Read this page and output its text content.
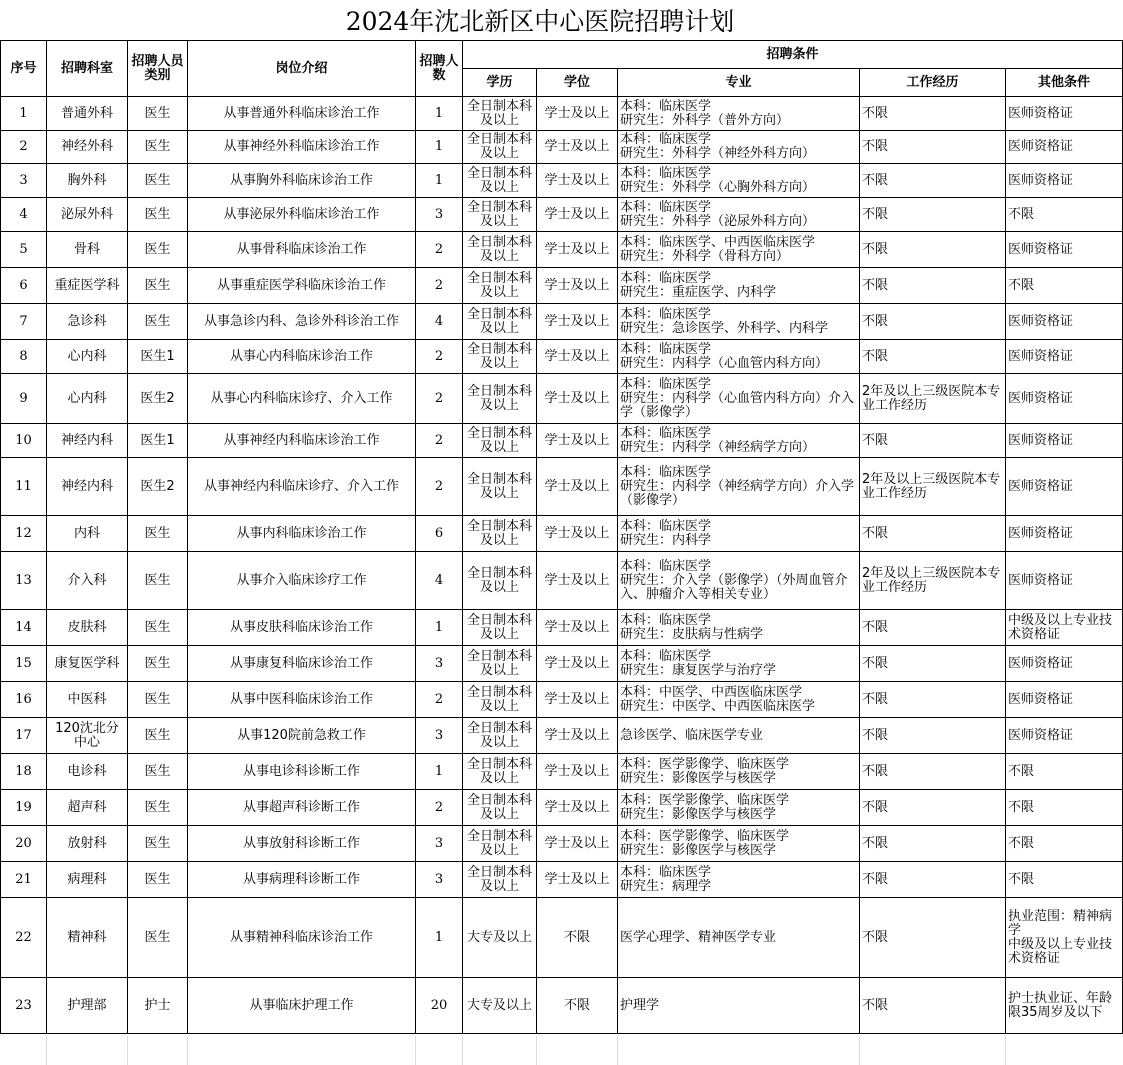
2024年沈北新区中心医院招聘计划
序号	招聘科室	招聘人员类别	岗位介绍	招聘人数	招聘条件				
					学历	学位	专业	工作经历	其他条件
1	普通外科	医生	从事普通外科临床诊治工作	1	全日制本科及以上	学士及以上	本科：临床医学
研究生：外科学（普外方向）	不限	医师资格证
2	神经外科	医生	从事神经外科临床诊治工作	1	全日制本科及以上	学士及以上	本科：临床医学
研究生：外科学（神经外科方向）	不限	医师资格证
3	胸外科	医生	从事胸外科临床诊治工作	1	全日制本科及以上	学士及以上	本科：临床医学
研究生：外科学（心胸外科方向）	不限	医师资格证
4	泌尿外科	医生	从事泌尿外科临床诊治工作	3	全日制本科及以上	学士及以上	本科：临床医学
研究生：外科学（泌尿外科方向）	不限	不限
5	骨科	医生	从事骨科临床诊治工作	2	全日制本科及以上	学士及以上	本科：临床医学、中西医临床医学
研究生：外科学（骨科方向）	不限	医师资格证
6	重症医学科	医生	从事重症医学科临床诊治工作	2	全日制本科及以上	学士及以上	本科：临床医学
研究生：重症医学、内科学	不限	不限
7	急诊科	医生	从事急诊内科、急诊外科诊治工作	4	全日制本科及以上	学士及以上	本科：临床医学
研究生：急诊医学、外科学、内科学	不限	医师资格证
8	心内科	医生1	从事心内科临床诊治工作	2	全日制本科及以上	学士及以上	本科：临床医学
研究生：内科学（心血管内科方向）	不限	医师资格证
9	心内科	医生2	从事心内科临床诊疗、介入工作	2	全日制本科及以上	学士及以上	本科：临床医学
研究生：内科学（心血管内科方向）介入学（影像学）	2年及以上三级医院本专业工作经历	医师资格证
10	神经内科	医生1	从事神经内科临床诊治工作	2	全日制本科及以上	学士及以上	本科：临床医学
研究生：内科学（神经病学方向）	不限	医师资格证
11	神经内科	医生2	从事神经内科临床诊疗、介入工作	2	全日制本科及以上	学士及以上	本科：临床医学
研究生：内科学（神经病学方向）介入学（影像学）	2年及以上三级医院本专业工作经历	医师资格证
12	内科	医生	从事内科临床诊治工作	6	全日制本科及以上	学士及以上	本科：临床医学
研究生：内科学	不限	医师资格证
13	介入科	医生	从事介入临床诊疗工作	4	全日制本科及以上	学士及以上	本科：临床医学
研究生：介入学（影像学）（外周血管介入、肿瘤介入等相关专业）	2年及以上三级医院本专业工作经历	医师资格证
14	皮肤科	医生	从事皮肤科临床诊治工作	1	全日制本科及以上	学士及以上	本科：临床医学
研究生：皮肤病与性病学	不限	中级及以上专业技术资格证
15	康复医学科	医生	从事康复科临床诊治工作	3	全日制本科及以上	学士及以上	本科：临床医学
研究生：康复医学与治疗学	不限	医师资格证
16	中医科	医生	从事中医科临床诊治工作	2	全日制本科及以上	学士及以上	本科：中医学、中西医临床医学
研究生：中医学、中西医临床医学	不限	医师资格证
17	120沈北分中心	医生	从事120院前急救工作	3	全日制本科及以上	学士及以上	急诊医学、临床医学专业	不限	医师资格证
18	电诊科	医生	从事电诊科诊断工作	1	全日制本科及以上	学士及以上	本科：医学影像学、临床医学
研究生：影像医学与核医学	不限	不限
19	超声科	医生	从事超声科诊断工作	2	全日制本科及以上	学士及以上	本科：医学影像学、临床医学
研究生：影像医学与核医学	不限	不限
20	放射科	医生	从事放射科诊断工作	3	全日制本科及以上	学士及以上	本科：医学影像学、临床医学
研究生：影像医学与核医学	不限	不限
21	病理科	医生	从事病理科诊断工作	3	全日制本科及以上	学士及以上	本科：临床医学
研究生：病理学	不限	不限
22	精神科	医生	从事精神科临床诊治工作	1	大专及以上	不限	医学心理学、精神医学专业	不限	执业范围：精神病学
中级及以上专业技术资格证
23	护理部	护士	从事临床护理工作	20	大专及以上	不限	护理学	不限	护士执业证、年龄限35周岁及以下
